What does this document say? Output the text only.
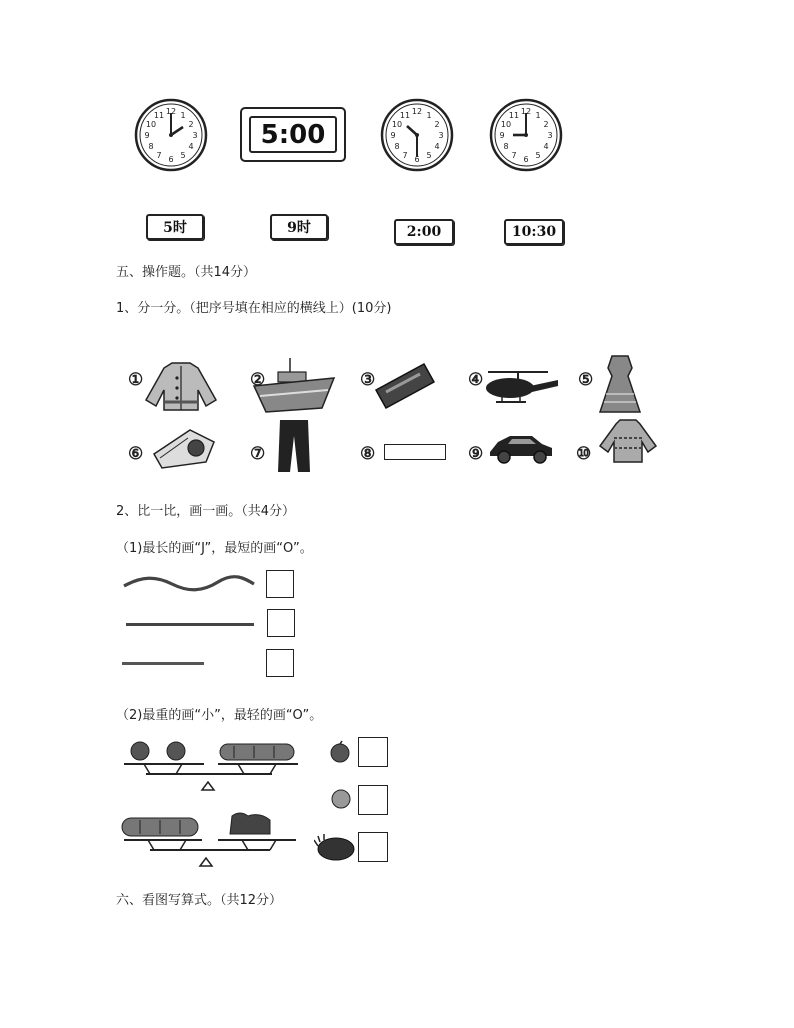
12 1
2
3
4
5
6
7
8
9
10
11
5:00
12 1
2
3
4
5
6
7
8
9
10
11	12 1
2
3
4
5
6
7
8
9
10
11
5时	9时	2:00	10:30
五、操作题。（共14分）
1、分一分。（把序号填在相应的横线上）(10分)
①	②	③	④	⑤
⑥	⑦	⑧	⑨	⑩
2、比一比，画一画。（共4分）
（1)最长的画“J”，最短的画“O”。
（2)最重的画“小”，最轻的画“O”。
六、看图写算式。（共12分）
